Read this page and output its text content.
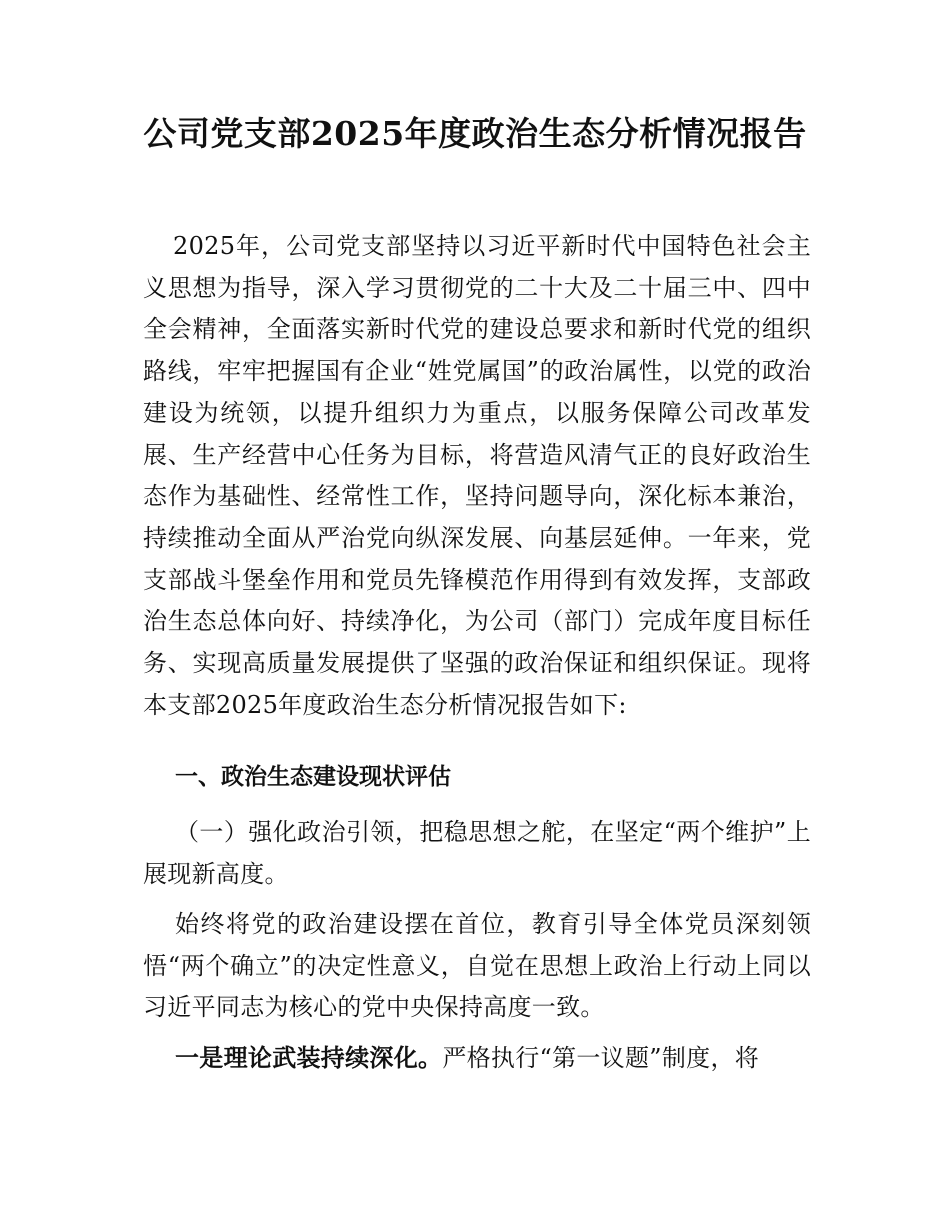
公司党支部2025年度政治生态分析情况报告

2025年，公司党支部坚持以习近平新时代中国特色社会主义思想为指导，深入学习贯彻党的二十大及二十届三中、四中全会精神，全面落实新时代党的建设总要求和新时代党的组织路线，牢牢把握国有企业“姓党属国”的政治属性，以党的政治建设为统领，以提升组织力为重点，以服务保障公司改革发展、生产经营中心任务为目标，将营造风清气正的良好政治生态作为基础性、经常性工作，坚持问题导向，深化标本兼治，持续推动全面从严治党向纵深发展、向基层延伸。一年来，党支部战斗堡垒作用和党员先锋模范作用得到有效发挥，支部政治生态总体向好、持续净化，为公司（部门）完成年度目标任务、实现高质量发展提供了坚强的政治保证和组织保证。现将本支部2025年度政治生态分析情况报告如下:

一、政治生态建设现状评估

（一）强化政治引领，把稳思想之舵，在坚定“两个维护”上展现新高度。

始终将党的政治建设摆在首位，教育引导全体党员深刻领悟“两个确立”的决定性意义，自觉在思想上政治上行动上同以习近平同志为核心的党中央保持高度一致。

一是理论武装持续深化。严格执行“第一议题”制度，将
